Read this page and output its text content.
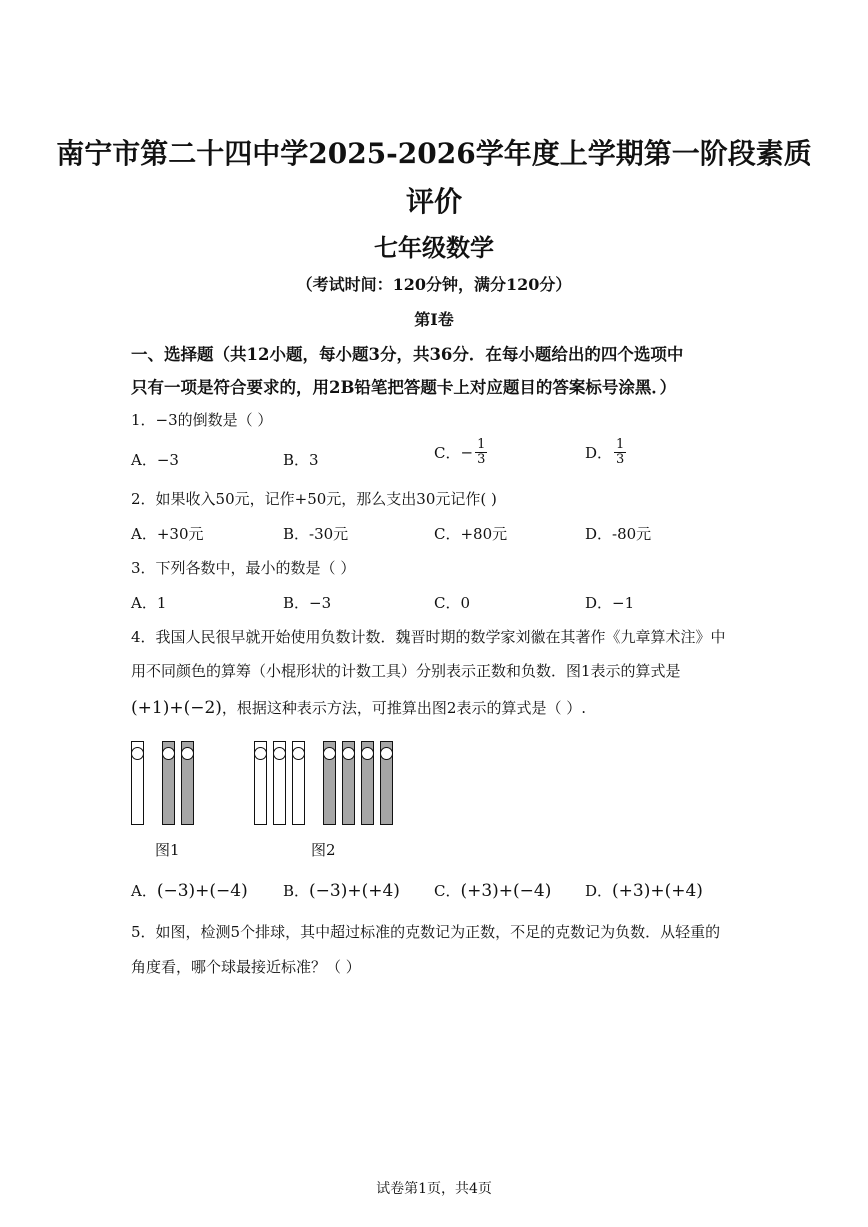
南宁市第二十四中学2025-2026学年度上学期第一阶段素质
评价
七年级数学
（考试时间：120分钟，满分120分）
第I卷
一、选择题（共12小题，每小题3分，共36分．在每小题给出的四个选项中
只有一项是符合要求的，用2B铅笔把答题卡上对应题目的答案标号涂黑．）
1．−3的倒数是（ ）
A．−3	B．3	C．− $\frac{1}{3}$	D． $\frac{1}{3}$
2．如果收入50元，记作+50元，那么支出30元记作( )
A．+30元	B．-30元	C．+80元	D．-80元
3．下列各数中，最小的数是（ ）
A．1	B．−3	C．0	D．−1
4．我国人民很早就开始使用负数计数．魏晋时期的数学家刘徽在其著作《九章算术注》中
用不同颜色的算筹（小棍形状的计数工具）分别表示正数和负数．图1表示的算式是
(+1)+(−2)，根据这种表示方法，可推算出图2表示的算式是（ ）.
图1	图2
A．(−3)+(−4) B．(−3)+(+4) C．(+3)+(−4) D．(+3)+(+4)
5．如图，检测5个排球，其中超过标准的克数记为正数，不足的克数记为负数．从轻重的
角度看，哪个球最接近标准？（ ）
试卷第1页，共4页
